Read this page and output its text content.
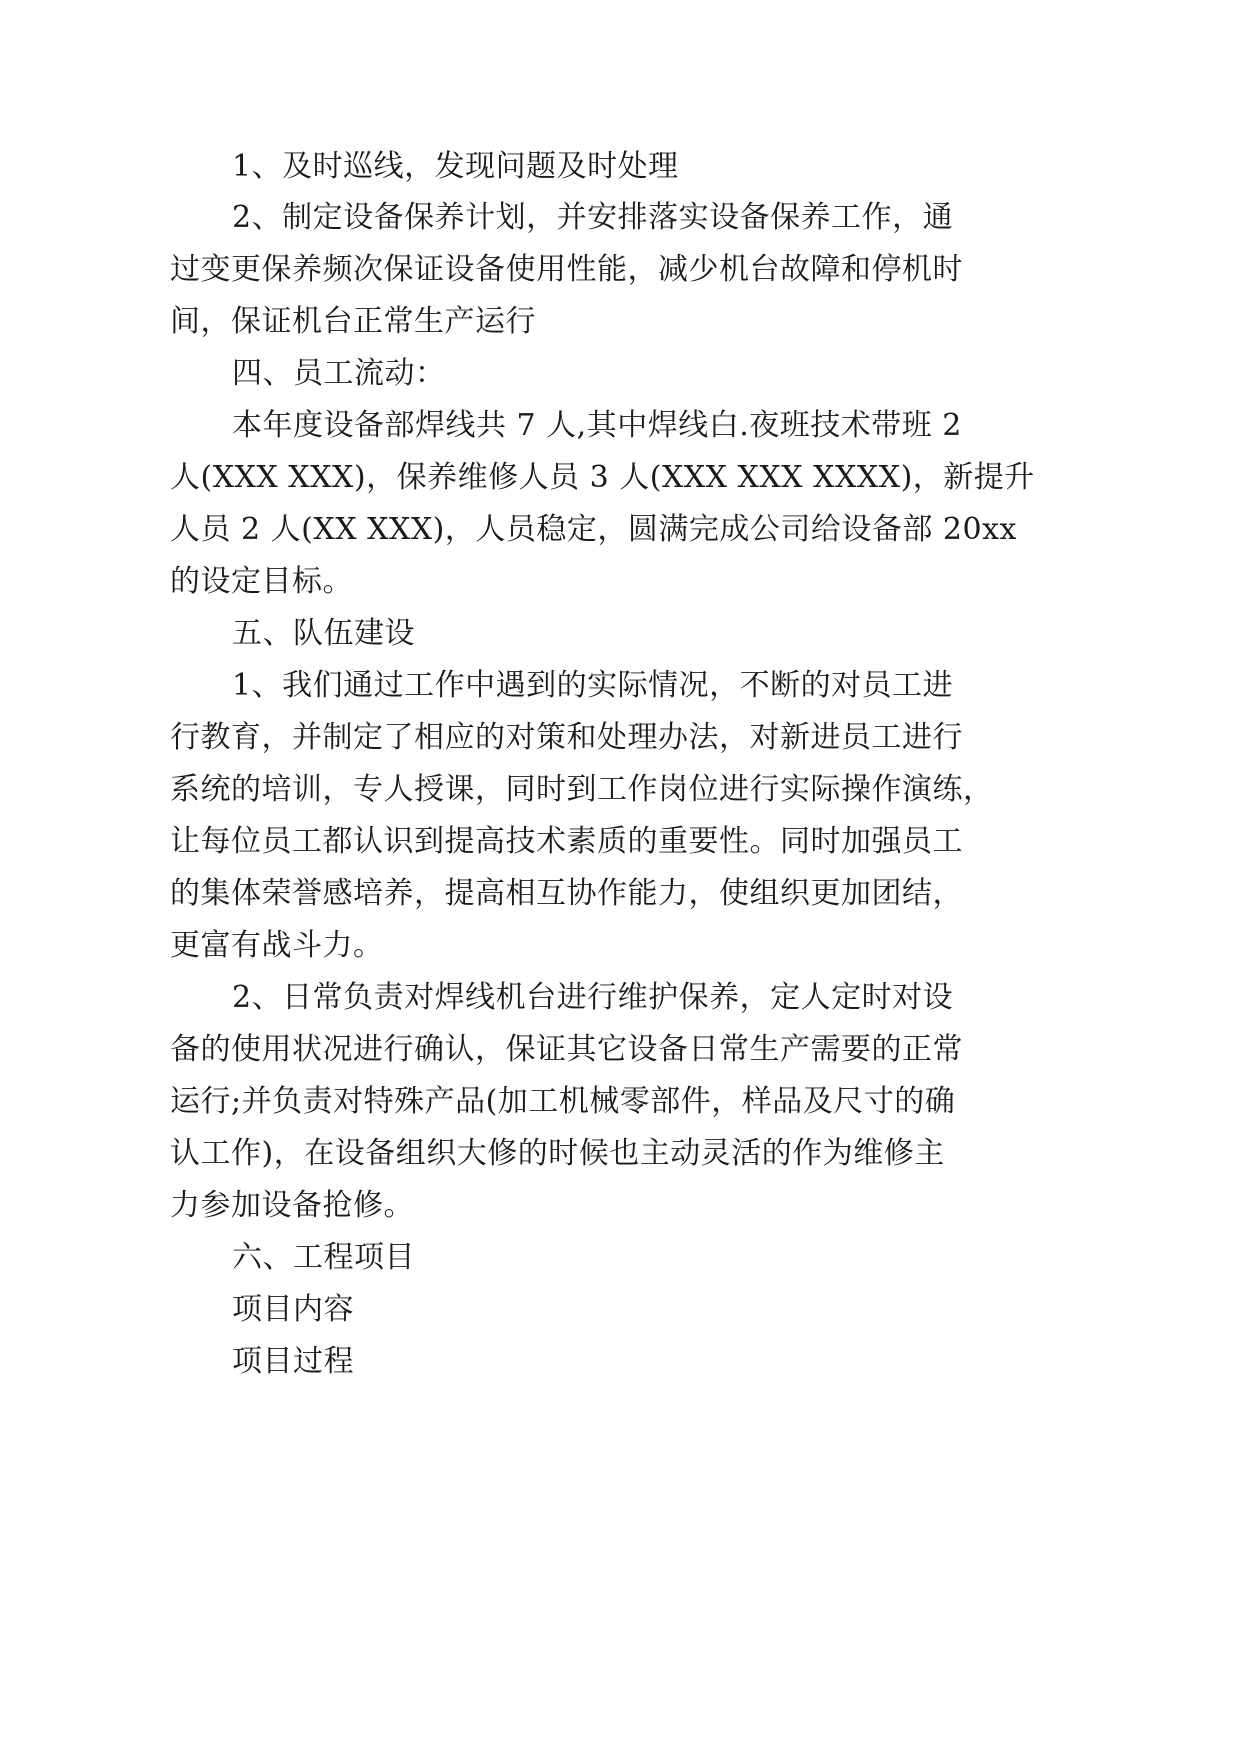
1、及时巡线，发现问题及时处理
2、制定设备保养计划，并安排落实设备保养工作，通
过变更保养频次保证设备使用性能，减少机台故障和停机时
间，保证机台正常生产运行
四、员工流动：
本年度设备部焊线共 7 人,其中焊线白.夜班技术带班 2
人(XXX XXX)，保养维修人员 3 人(XXX XXX XXXX)，新提升
人员 2 人(XX XXX)，人员稳定，圆满完成公司给设备部 20xx
的设定目标。
五、队伍建设
1、我们通过工作中遇到的实际情况，不断的对员工进
行教育，并制定了相应的对策和处理办法，对新进员工进行
系统的培训，专人授课，同时到工作岗位进行实际操作演练，
让每位员工都认识到提高技术素质的重要性。同时加强员工
的集体荣誉感培养，提高相互协作能力，使组织更加团结，
更富有战斗力。
2、日常负责对焊线机台进行维护保养，定人定时对设
备的使用状况进行确认，保证其它设备日常生产需要的正常
运行;并负责对特殊产品(加工机械零部件，样品及尺寸的确
认工作)，在设备组织大修的时候也主动灵活的作为维修主
力参加设备抢修。
六、工程项目
项目内容
项目过程
